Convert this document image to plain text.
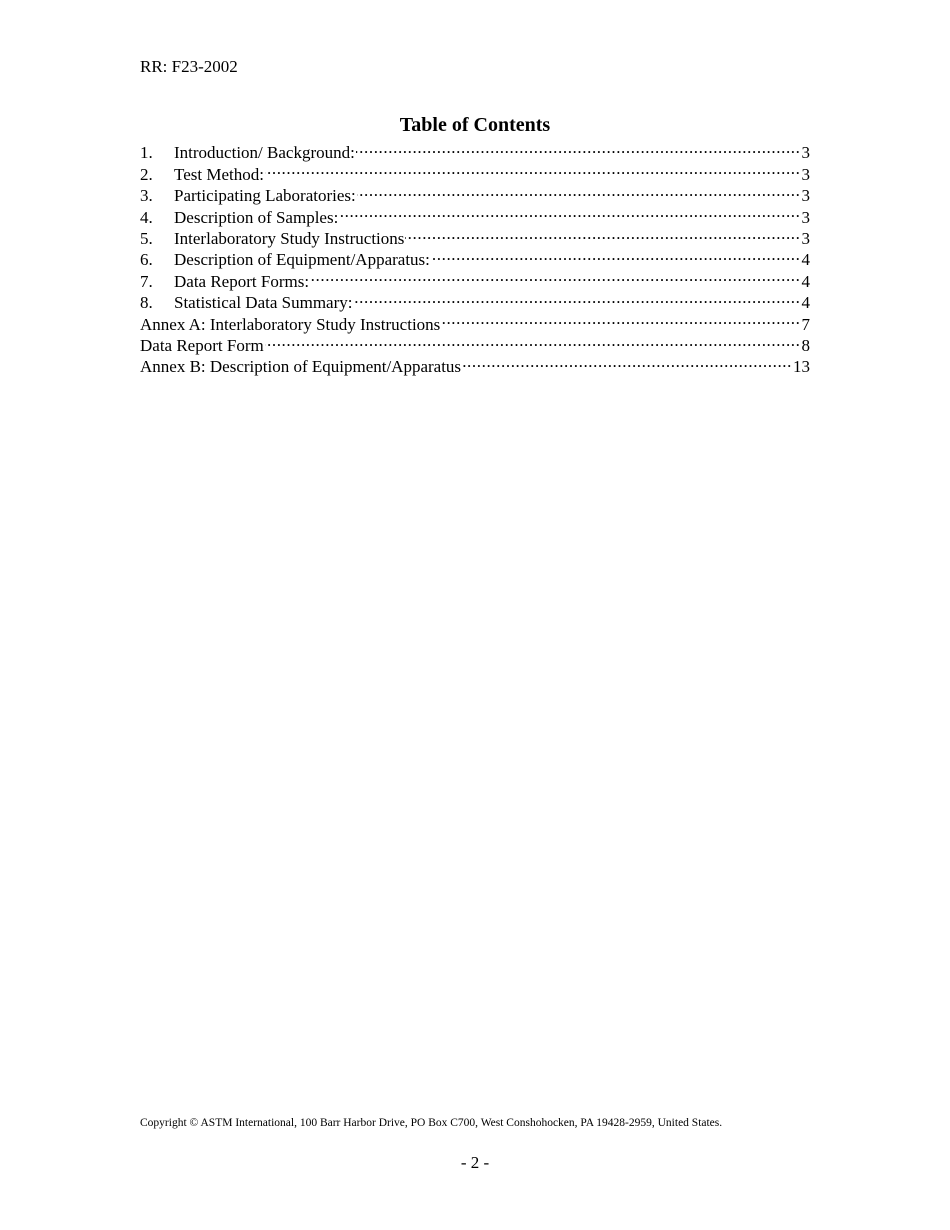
RR: F23-2002
Table of Contents
1.	Introduction/ Background: .....	3
2.	Test Method: .....	3
3.	Participating Laboratories: .....	3
4.	Description of Samples: .....	3
5.	Interlaboratory Study Instructions .....	3
6.	Description of Equipment/Apparatus: .....	4
7.	Data Report Forms: .....	4
8.	Statistical Data Summary: .....	4
Annex A: Interlaboratory Study Instructions .....	7
Data Report Form .....	8
Annex B: Description of Equipment/Apparatus .....	13
Copyright © ASTM International, 100 Barr Harbor Drive, PO Box C700, West Conshohocken, PA 19428-2959, United States.
- 2 -
